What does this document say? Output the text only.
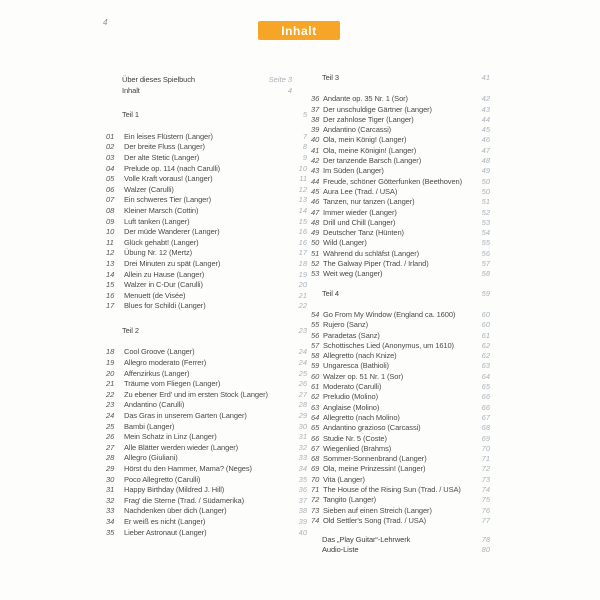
4
Inhalt
Über dieses Spielbuch	Seite 3
Inhalt	4
Teil 1	5
01	Ein leises Flüstern (Langer)	7
02	Der breite Fluss (Langer)	8
03	Der alte Stetic (Langer)	9
04	Prelude op. 114 (nach Carulli)	10
05	Volle Kraft voraus! (Langer)	11
06	Walzer (Carulli)	12
07	Ein schweres Tier (Langer)	13
08	Kleiner Marsch (Cottin)	14
09	Luft tanken (Langer)	15
10	Der müde Wanderer (Langer)	16
11	Glück gehabt! (Langer)	16
12	Übung Nr. 12 (Mertz)	17
13	Drei Minuten zu spät (Langer)	18
14	Allein zu Hause (Langer)	19
15	Walzer in C-Dur (Carulli)	20
16	Menuett (de Visée)	21
17	Blues for Schildi (Langer)	22
Teil 2	23
18	Cool Groove (Langer)	24
19	Allegro moderato (Ferrer)	24
20	Affenzirkus (Langer)	25
21	Träume vom Fliegen (Langer)	26
22	Zu ebener Erd' und im ersten Stock (Langer)	27
23	Andantino (Carulli)	28
24	Das Gras in unserem Garten (Langer)	29
25	Bambi (Langer)	30
26	Mein Schatz in Linz (Langer)	31
27	Alle Blätter werden wieder (Langer)	32
28	Allegro (Giuliani)	33
29	Hörst du den Hammer, Mama? (Neges)	34
30	Poco Allegretto (Carulli)	35
31	Happy Birthday (Mildred J. Hill)	36
32	Frag' die Sterne (Trad. / Südamerika)	37
33	Nachdenken über dich (Langer)	38
34	Er weiß es nicht (Langer)	39
35	Lieber Astronaut (Langer)	40
Teil 3	41
36 Andante op. 35 Nr. 1 (Sor)	42
37 Der unschuldige Gärtner (Langer)	43
38 Der zahnlose Tiger (Langer)	44
39 Andantino (Carcassi)	45
40 Ola, mein König! (Langer)	46
41 Ola, meine Königin! (Langer)	47
42 Der tanzende Barsch (Langer)	48
43 Im Süden (Langer)	49
44 Freude, schöner Götterfunken (Beethoven)	50
45 Aura Lee (Trad. / USA)	50
46 Tanzen, nur tanzen (Langer)	51
47 Immer wieder (Langer)	52
48 Drill und Chill (Langer)	53
49 Deutscher Tanz (Hünten)	54
50 Wild (Langer)	55
51 Während du schläfst (Langer)	56
52 The Galway Piper (Trad. / Irland)	57
53 Weit weg (Langer)	58
Teil 4	59
54 Go From My Window (England ca. 1600)	60
55 Rujero (Sanz)	60
56 Paradetas (Sanz)	61
57 Schottisches Lied (Anonymus, um 1610)	62
58 Allegretto (nach Knize)	62
59 Ungaresca (Bathioli)	63
60 Walzer op. 51 Nr. 1 (Sor)	64
61 Moderato (Carulli)	65
62 Preludio (Molino)	66
63 Anglaise (Molino)	66
64 Allegretto (nach Molino)	67
65 Andantino grazioso (Carcassi)	68
66 Studie Nr. 5 (Coste)	69
67 Wiegenlied (Brahms)	70
68 Sommer-Sonnenbrand (Langer)	71
69 Ola, meine Prinzessin! (Langer)	72
70 Vita (Langer)	73
71 The House of the Rising Sun (Trad. / USA)	74
72 Tangito (Langer)	75
73 Sieben auf einen Streich (Langer)	76
74 Old Settler's Song (Trad. / USA)	77
Das „Play Guitar“-Lehrwerk	78
Audio-Liste	80
